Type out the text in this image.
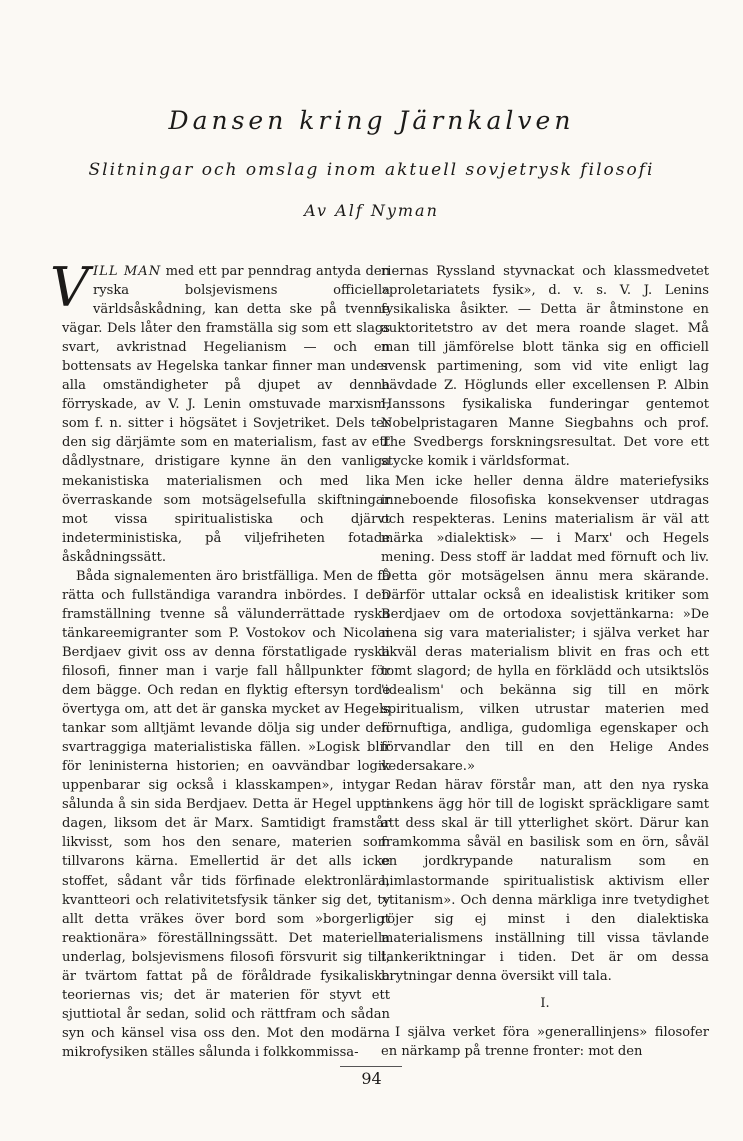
Dansen kring Järnkalven
Slitningar och omslag inom aktuell sovjetrysk filosofi
Av Alf Nyman

VILL MAN med ett par penndrag antyda den ryska bolsjevismens officiella världsåskådning, kan detta ske på tvenne vägar. Dels låter den framställa sig som ett slags svart, avkristnad Hegelianism — och en bottensats av Hegelska tankar finner man under alla omständigheter på djupet av denna förryskade, av V. J. Lenin omstuvade marxism, som f. n. sitter i högsätet i Sovjetriket. Dels ter den sig därjämte som en materialism, fast av ett dådlystnare, dristigare kynne än den vanliga mekanistiska materialismen och med lika överraskande som motsägelsefulla skiftningar mot vissa spiritualistiska och djärvt indeterministiska, på viljefriheten fotade åskådningssätt.

Båda signalementen äro bristfälliga. Men de få rätta och fullständiga varandra inbördes. I den framställning tvenne så välunderrättade ryska tänkareemigranter som P. Vostokov och Nicolai Berdjaev givit oss av denna förstatligade ryska filosofi, finner man i varje fall hållpunkter för dem bägge. Och redan en flyktig eftersyn torde övertyga om, att det är ganska mycket av Hegels tankar som alltjämt levande dölja sig under den svartraggiga materialistiska fällen. »Logisk blir för leninisterna historien; en oavvändbar logik uppenbarar sig också i klasskampen», intygar sålunda å sin sida Berdjaev. Detta är Hegel upp i dagen, liksom det är Marx. Samtidigt framstår likvisst, som hos den senare, materien som tillvarons kärna. Emellertid är det alls icke stoffet, sådant vår tids förfinade elektronlära, kvantteori och relativitetsfysik tänker sig det, ty allt detta vräkes över bord som »borgerligt reaktionära» föreställningssätt. Det materiella underlag, bolsjevismens filosofi försvurit sig till, är tvärtom fattat på de föråldrade fysikaliska teoriernas vis; det är materien för styvt ett sjuttiotal år sedan, solid och rättfram och sådan syn och känsel visa oss den. Mot den modärna mikrofysiken ställes sålunda i folkkommissa-

riernas Ryssland styvnackat och klassmedvetet »proletariatets fysik», d. v. s. V. J. Lenins fysikaliska åsikter. — Detta är åtminstone en auktoritetstro av det mera roande slaget. Må man till jämförelse blott tänka sig en officiell svensk partimening, som vid vite enligt lag hävdade Z. Höglunds eller excellensen P. Albin Hanssons fysikaliska funderingar gentemot Nobelpristagaren Manne Siegbahns och prof. The Svedbergs forskningsresultat. Det vore ett stycke komik i världsformat.

Men icke heller denna äldre materiefysiks inneboende filosofiska konsekvenser utdragas och respekteras. Lenins materialism är väl att märka »dialektisk» — i Marx' och Hegels mening. Dess stoff är laddat med förnuft och liv. Detta gör motsägelsen ännu mera skärande. Därför uttalar också en idealistisk kritiker som Berdjaev om de ortodoxa sovjettänkarna: »De mena sig vara materialister; i själva verket har likväl deras materialism blivit en fras och ett tomt slagord; de hylla en förklädd och utsiktslös 'idealism' och bekänna sig till en mörk spiritualism, vilken utrustar materien med förnuftiga, andliga, gudomliga egenskaper och förvandlar den till en den Helige Andes vedersakare.»

Redan härav förstår man, att den nya ryska tankens ägg hör till de logiskt spräckligare samt att dess skal är till ytterlighet skört. Därur kan framkomma såväl en basilisk som en örn, såväl en jordkrypande naturalism som en himlastormande spiritualistisk aktivism eller »titanism». Och denna märkliga inre tvetydighet röjer sig ej minst i den dialektiska materialismens inställning till vissa tävlande tankeriktningar i tiden. Det är om dessa brytningar denna översikt vill tala.

I.

I själva verket föra »generallinjens» filosofer en närkamp på trenne fronter: mot den

94
